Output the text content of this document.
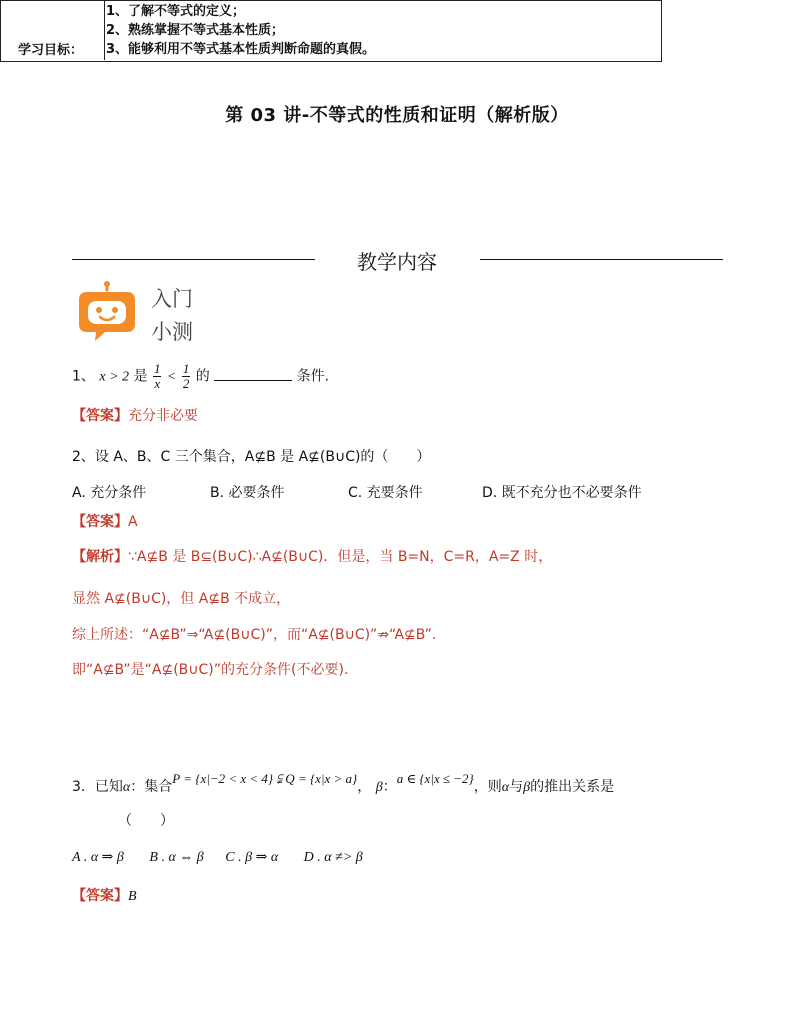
第 03 讲-不等式的性质和证明（解析版）
学习目标：
1、了解不等式的定义；
2、熟练掌握不等式基本性质；
3、能够利用不等式基本性质判断命题的真假。
教学内容
入门
小测
1、 x > 2 是 $\frac{1}{x} < \frac{1}{2}$ 的	条件.
【答案】充分非必要
2、设 A、B、C 三个集合，A⊈B 是 A⊈(B∪C)的（　　）
A. 充分条件	B. 必要条件	C. 充要条件	D. 既不充分也不必要条件
【答案】A
【解析】∵A⊈B 是 B⊆(B∪C)∴A⊈(B∪C)．但是，当 B=N，C=R，A=Z 时，
显然 A⊈(B∪C)，但 A⊈B 不成立，
综上所述：“A⊈B”⇒“A⊈(B∪C)”，而“A⊈(B∪C)”⇏“A⊈B”．
即“A⊈B”是“A⊈(B∪C)”的充分条件(不必要)．
3．已知α：集合P = {x|−2 < x < 4} ⫋ Q = {x|x > a}， β：a ∈ {x|x ≤ −2}，则α与β的推出关系是
（　　）
A . α ⇒ β B . α ⇔ β C . β ⇒ α D . α ≠> β
【答案】B
